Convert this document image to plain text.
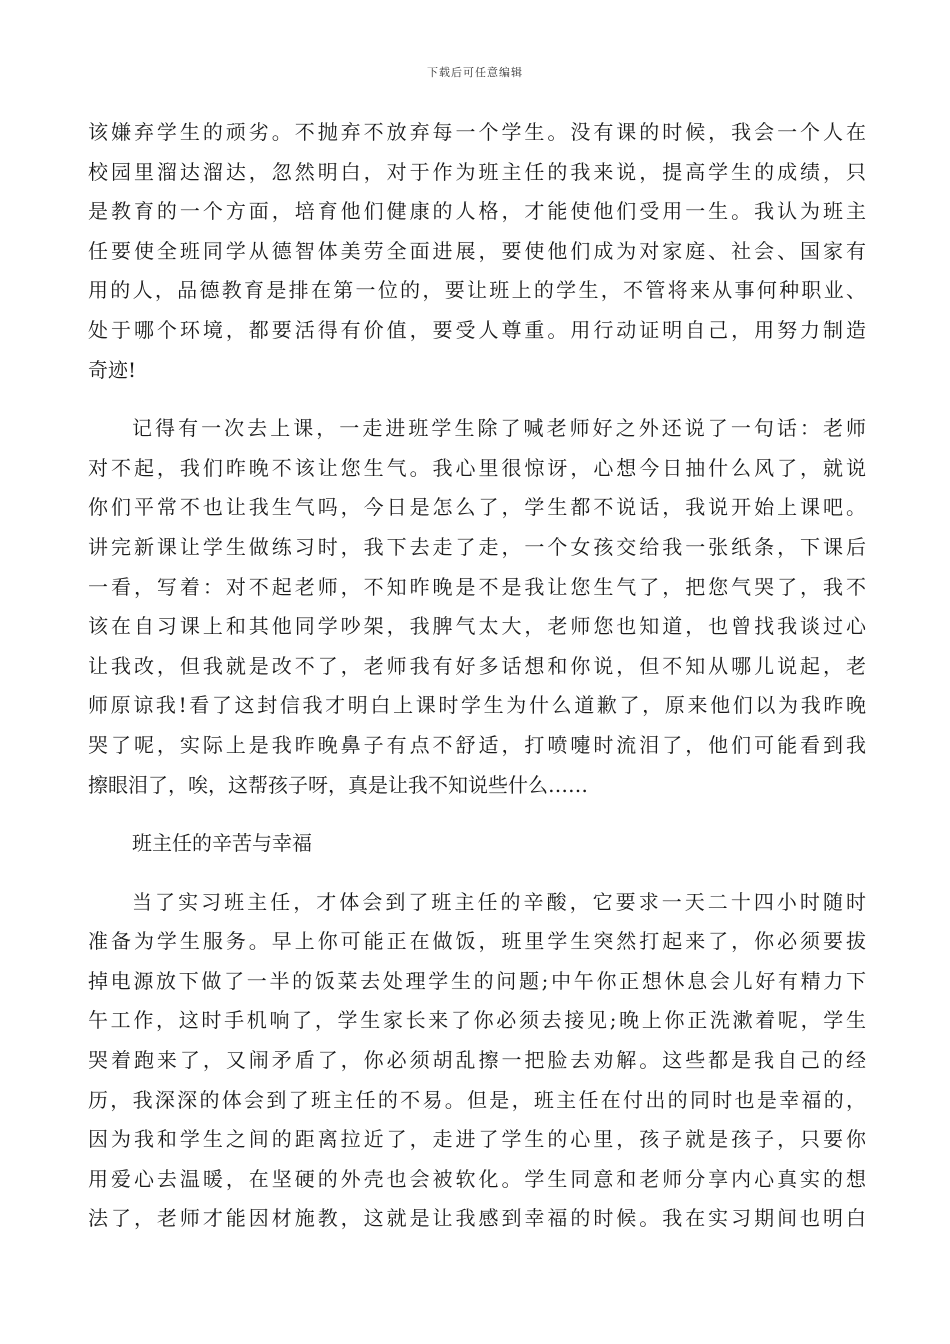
下载后可任意编辑
该嫌弃学生的顽劣。不抛弃不放弃每一个学生。没有课的时候，我会一个人在
校园里溜达溜达，忽然明白，对于作为班主任的我来说，提高学生的成绩，只
是教育的一个方面，培育他们健康的人格，才能使他们受用一生。我认为班主
任要使全班同学从德智体美劳全面进展，要使他们成为对家庭、社会、国家有
用的人，品德教育是排在第一位的，要让班上的学生，不管将来从事何种职业、
处于哪个环境，都要活得有价值，要受人尊重。用行动证明自己，用努力制造
奇迹!
记得有一次去上课，一走进班学生除了喊老师好之外还说了一句话：老师
对不起，我们昨晚不该让您生气。我心里很惊讶，心想今日抽什么风了，就说
你们平常不也让我生气吗，今日是怎么了，学生都不说话，我说开始上课吧。
讲完新课让学生做练习时，我下去走了走，一个女孩交给我一张纸条，下课后
一看，写着：对不起老师，不知昨晚是不是我让您生气了，把您气哭了，我不
该在自习课上和其他同学吵架，我脾气太大，老师您也知道，也曾找我谈过心
让我改，但我就是改不了，老师我有好多话想和你说，但不知从哪儿说起，老
师原谅我!看了这封信我才明白上课时学生为什么道歉了，原来他们以为我昨晚
哭了呢，实际上是我昨晚鼻子有点不舒适，打喷嚏时流泪了，他们可能看到我
擦眼泪了，唉，这帮孩子呀，真是让我不知说些什么……
班主任的辛苦与幸福
当了实习班主任，才体会到了班主任的辛酸，它要求一天二十四小时随时
准备为学生服务。早上你可能正在做饭，班里学生突然打起来了，你必须要拔
掉电源放下做了一半的饭菜去处理学生的问题;中午你正想休息会儿好有精力下
午工作，这时手机响了，学生家长来了你必须去接见;晚上你正洗漱着呢，学生
哭着跑来了，又闹矛盾了，你必须胡乱擦一把脸去劝解。这些都是我自己的经
历，我深深的体会到了班主任的不易。但是，班主任在付出的同时也是幸福的，
因为我和学生之间的距离拉近了，走进了学生的心里，孩子就是孩子，只要你
用爱心去温暖，在坚硬的外壳也会被软化。学生同意和老师分享内心真实的想
法了，老师才能因材施教，这就是让我感到幸福的时候。我在实习期间也明白
